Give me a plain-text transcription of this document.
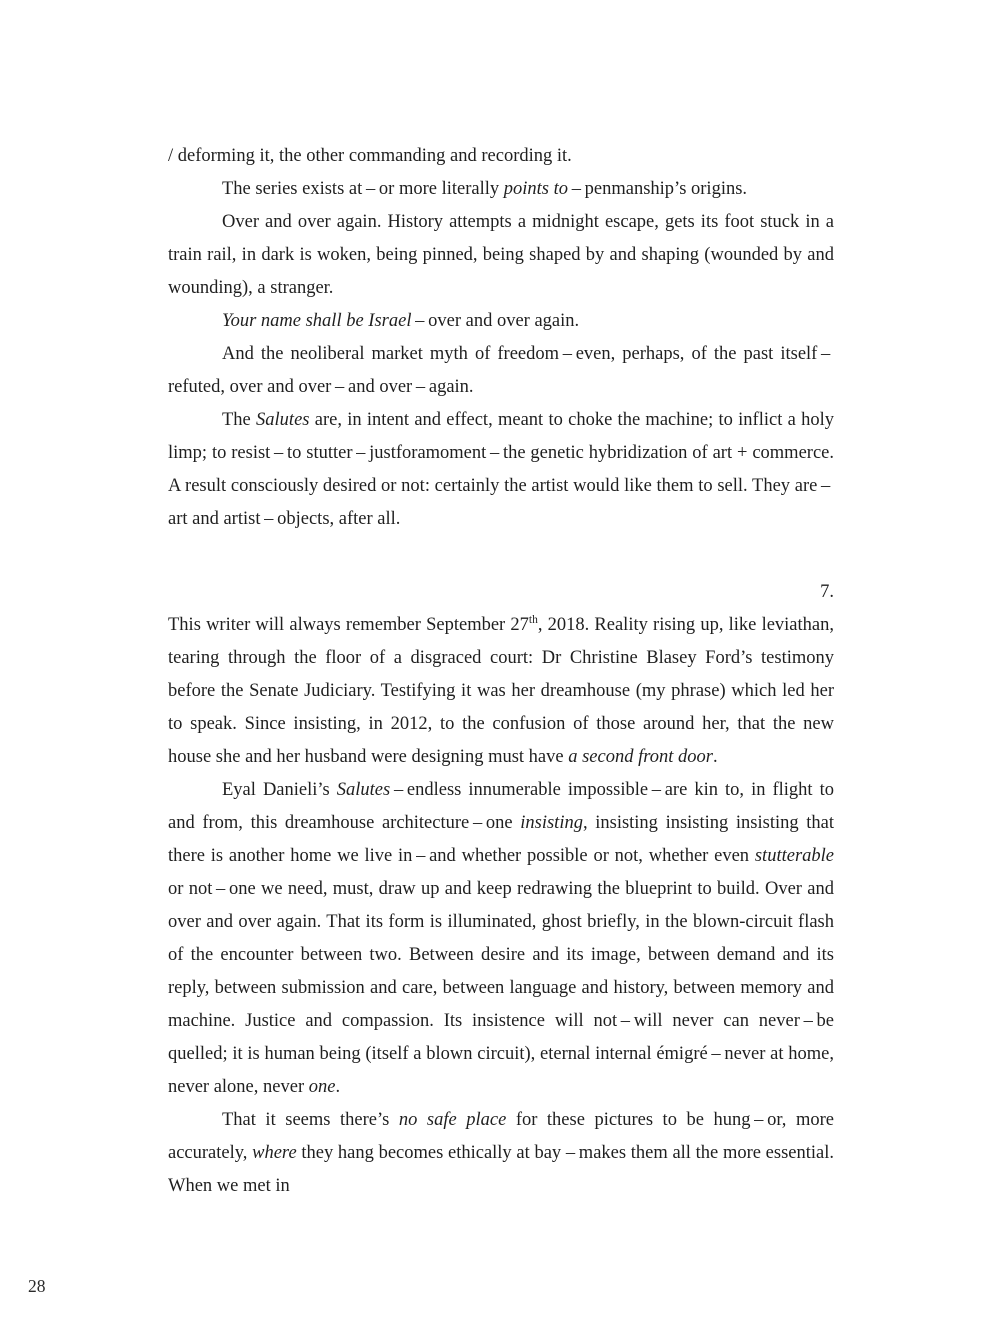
/ deforming it, the other commanding and recording it.

The series exists at – or more literally points to – penmanship’s origins.

Over and over again. History attempts a midnight escape, gets its foot stuck in a train rail, in dark is woken, being pinned, being shaped by and shaping (wounded by and wounding), a stranger.

Your name shall be Israel – over and over again.

And the neoliberal market myth of freedom – even, perhaps, of the past itself – refuted, over and over – and over – again.

The Salutes are, in intent and effect, meant to choke the machine; to inflict a holy limp; to resist – to stutter – justforamoment – the genetic hybridization of art + commerce. A result consciously desired or not: certainly the artist would like them to sell. They are – art and artist – objects, after all.

7.

This writer will always remember September 27th, 2018. Reality rising up, like leviathan, tearing through the floor of a disgraced court: Dr Christine Blasey Ford’s testimony before the Senate Judiciary. Testifying it was her dreamhouse (my phrase) which led her to speak. Since insisting, in 2012, to the confusion of those around her, that the new house she and her husband were designing must have a second front door.

Eyal Danieli’s Salutes – endless innumerable impossible – are kin to, in flight to and from, this dreamhouse architecture – one insisting, insisting insisting insisting that there is another home we live in – and whether possible or not, whether even stutterable or not – one we need, must, draw up and keep redrawing the blueprint to build. Over and over and over again. That its form is illuminated, ghost briefly, in the blown-circuit flash of the encounter between two. Between desire and its image, between demand and its reply, between submission and care, between language and history, between memory and machine. Justice and compassion. Its insistence will not – will never can never – be quelled; it is human being (itself a blown circuit), eternal internal émigré – never at home, never alone, never one.

That it seems there’s no safe place for these pictures to be hung – or, more accurately, where they hang becomes ethically at bay – makes them all the more essential. When we met in

28
